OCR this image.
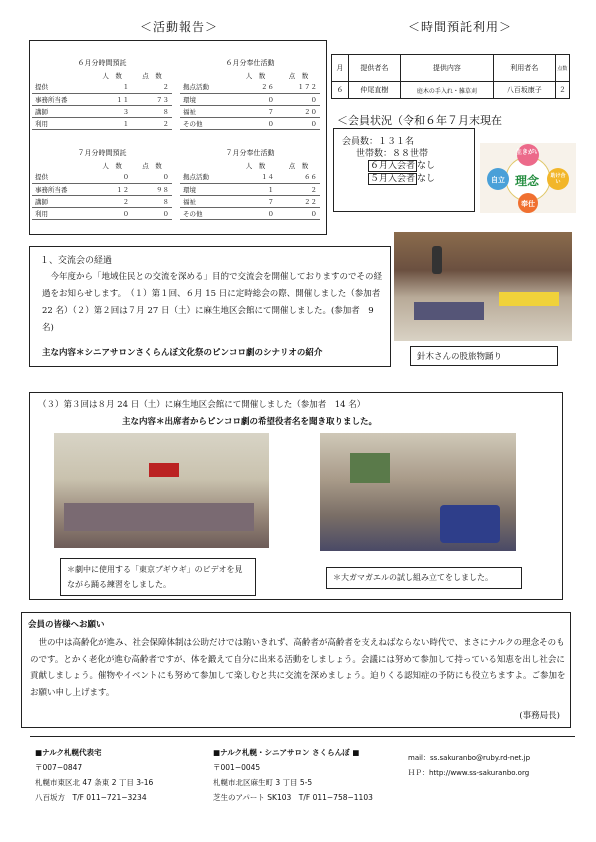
＜活動報告＞	＜時間預託利用＞
６月分時間預託		
	人　数	点　数
提供	１	２
事務所当番	１１	７３
講師	３	８
利用	１	２
６月分奉仕活動		
	人　数	点　数
拠点活動	２６	１７２
環境	０	０
福祉	７	２０
その他	０	０
７月分時間預託		
	人　数	点　数
提供	０	０
事務所当番	１２	９８
講師	２	８
利用	０	０
７月分奉仕活動		
	人　数	点　数
拠点活動	１４	６６
環境	１	２
福祉	７	２２
その他	０	０
月	提供者名	提供内容	利用者名	点数
６	仲尾直樹	庭木の手入れ・雑草刈	八百坂康子	２
＜会員状況（令和６年７月末現在
会員数：１３１名
世帯数：８８世帯
６月入会者 なし
５月入会者 なし
生きがい
自立	助け合い
奉仕
理念
１、交流会の経過
　今年度から「地域住民との交流を深める」目的で交流会を開催しておりますのでその経過をお知らせします。　（１）第１回、６月 15 日に定時総会の際、開催しました（参加者 22 名）（２）第２回は７月 27 日（土）に麻生地区会館にて開催しました。(参加者　9 名)
主な内容＊シニアサロンさくらんぼ文化祭のピンコロ劇のシナリオの紹介	針木さんの股旅物踊り
（３）第３回は８月 24 日（土）に麻生地区会館にて開催しました（参加者　14 名）
主な内容＊出席者からピンコロ劇の希望役者名を聞き取りました。
＊劇中に使用する「東京ブギウギ」のビデオを見ながら踊る練習をしました。
＊大ガマガエルの試し組み立てをしました。
会員の皆様へお願い
　世の中は高齢化が進み、社会保障体制は公助だけでは賄いきれず、高齢者が高齢者を支えねばならない時代で、まさにナルクの理念そのものです。とかく老化が進む高齢者ですが、体を鍛えて自分に出来る活動をしましょう。会議には努めて参加して持っている知恵を出し社会に貢献しましょう。催物やイベントにも努めて参加して楽しむと共に交流を深めましょう。迫りくる認知症の予防にも役立ちますよ。ご参加をお願い申し上げます。
(事務局長)
■ナルク札幌代表宅
〒007−0847
札幌市東区北 47 条東 2 丁目 3-16
八百坂方　T/F 011−721−3234
■ナルク札幌・シニアサロン さくらんぼ ■
〒001−0045
札幌市北区麻生町 3 丁目 5-5
芝生のアパート SK103　T/F 011−758−1103
mail：ss.sakuranbo@ruby.rd-net.jp
ＨＰ：http://www.ss-sakuranbo.org
